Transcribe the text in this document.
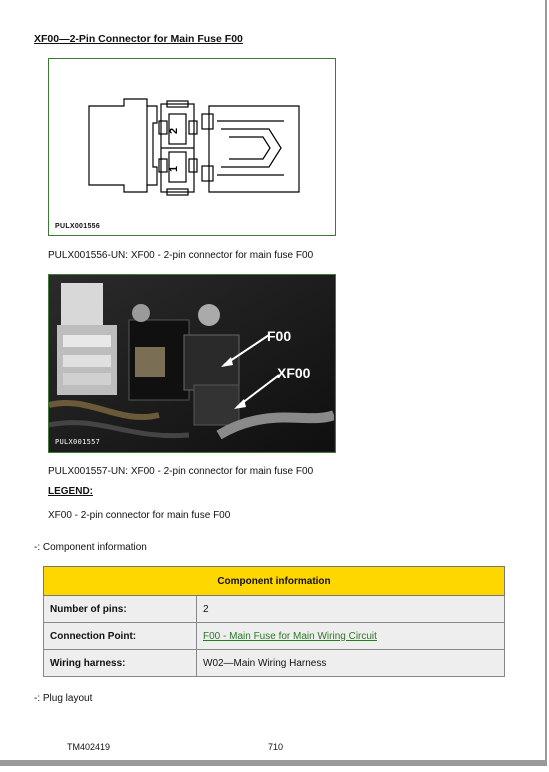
XF00—2-Pin Connector for Main Fuse F00
2
1
PULX001556
PULX001556-UN: XF00 - 2-pin connector for main fuse F00
F00
XF00
PULX001557
PULX001557-UN: XF00 - 2-pin connector for main fuse F00
LEGEND:
XF00 - 2-pin connector for main fuse F00
-: Component information
Component information	
Number of pins:	2
Connection Point:	F00 - Main Fuse for Main Wiring Circuit
Wiring harness:	W02—Main Wiring Harness
-: Plug layout
TM402419	710
